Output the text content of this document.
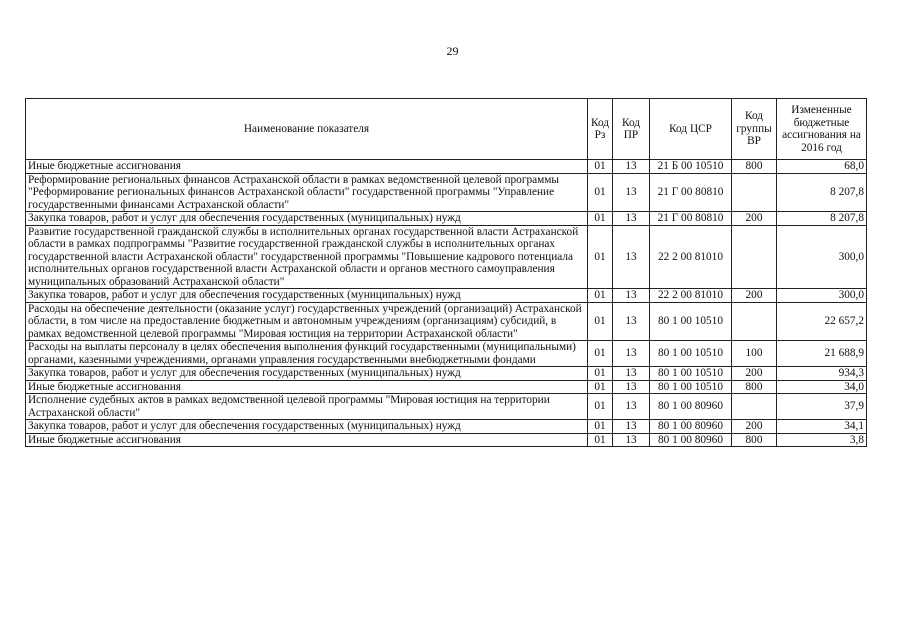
29
Наименование показателя	Код Рз	Код ПР	Код ЦСР	Код группы ВР	Измененные бюджетные ассигнования на 2016 год
Иные бюджетные ассигнования	01	13	21 Б 00 10510	800	68,0
Реформирование региональных финансов Астраханской области в рамках ведомственной целевой программы "Реформирование региональных финансов Астраханской области" государственной программы "Управление государственными финансами Астраханской области"	01	13	21 Г 00 80810		8 207,8
Закупка товаров, работ и услуг для обеспечения государственных (муниципальных) нужд	01	13	21 Г 00 80810	200	8 207,8
Развитие государственной гражданской службы в исполнительных органах государственной власти Астраханской области в рамках подпрограммы "Развитие государственной гражданской службы в исполнительных органах государственной власти Астраханской области" государственной программы "Повышение кадрового потенциала исполнительных органов государственной власти Астраханской области и органов местного самоуправления муниципальных образований Астраханской области"	01	13	22 2 00 81010		300,0
Закупка товаров, работ и услуг для обеспечения государственных (муниципальных) нужд	01	13	22 2 00 81010	200	300,0
Расходы на обеспечение деятельности (оказание услуг) государственных учреждений (организаций) Астраханской области, в том числе на предоставление бюджетным и автономным учреждениям (организациям) субсидий, в рамках ведомственной целевой программы "Мировая юстиция на территории Астраханской области"	01	13	80 1 00 10510		22 657,2
Расходы на выплаты персоналу в целях обеспечения выполнения функций государственными (муниципальными) органами, казенными учреждениями, органами управления государственными внебюджетными фондами	01	13	80 1 00 10510	100	21 688,9
Закупка товаров, работ и услуг для обеспечения государственных (муниципальных) нужд	01	13	80 1 00 10510	200	934,3
Иные бюджетные ассигнования	01	13	80 1 00 10510	800	34,0
Исполнение судебных актов в рамках ведомственной целевой программы "Мировая юстиция на территории Астраханской области"	01	13	80 1 00 80960		37,9
Закупка товаров, работ и услуг для обеспечения государственных (муниципальных) нужд	01	13	80 1 00 80960	200	34,1
Иные бюджетные ассигнования	01	13	80 1 00 80960	800	3,8
